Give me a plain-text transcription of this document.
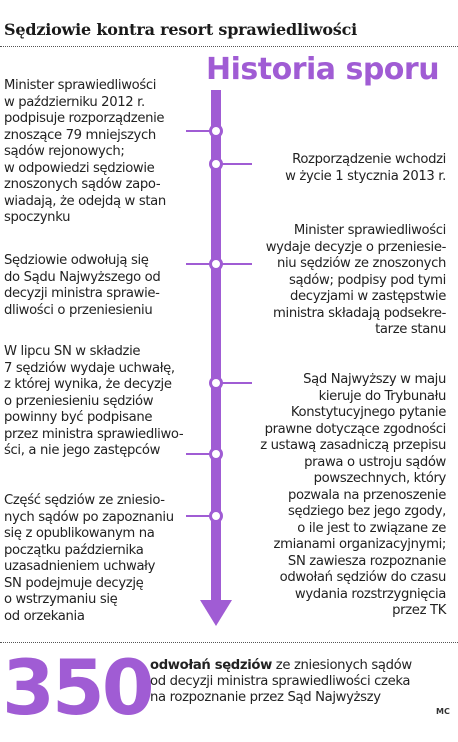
Sędziowie kontra resort sprawiedliwości
Historia sporu
Minister sprawiedliwości
w październiku 2012 r.
podpisuje rozporządzenie
znoszące 79 mniejszych
sądów rejonowych;
w odpowiedzi sędziowie
znoszonych sądów zapo-
wiadają, że odejdą w stan
spoczynku
Rozporządzenie wchodzi
w życie 1 stycznia 2013 r.
Minister sprawiedliwości
wydaje decyzje o przeniesie-
niu sędziów ze znoszonych
sądów; podpisy pod tymi
decyzjami w zastępstwie
ministra składają podsekre-
tarze stanu
Sędziowie odwołują się
do Sądu Najwyższego od
decyzji ministra sprawie-
dliwości o przeniesieniu
W lipcu SN w składzie
7 sędziów wydaje uchwałę,
z której wynika, że decyzje
o przeniesieniu sędziów
powinny być podpisane
przez ministra sprawiedliwo-
ści, a nie jego zastępców
Sąd Najwyższy w maju
kieruje do Trybunału
Konstytucyjnego pytanie
prawne dotyczące zgodności
z ustawą zasadniczą przepisu
prawa o ustroju sądów
powszechnych, który
pozwala na przenoszenie
sędziego bez jego zgody,
o ile jest to związane ze
zmianami organizacyjnymi;
SN zawiesza rozpoznanie
odwołań sędziów do czasu
wydania rozstrzygnięcia
przez TK
Część sędziów ze zniesio-
nych sądów po zapoznaniu
się z opublikowanym na
początku października
uzasadnieniem uchwały
SN podejmuje decyzję
o wstrzymaniu się
od orzekania
350
odwołań sędziów ze zniesionych sądów od decyzji ministra sprawiedliwości czeka na rozpoznanie przez Sąd Najwyższy
MC
